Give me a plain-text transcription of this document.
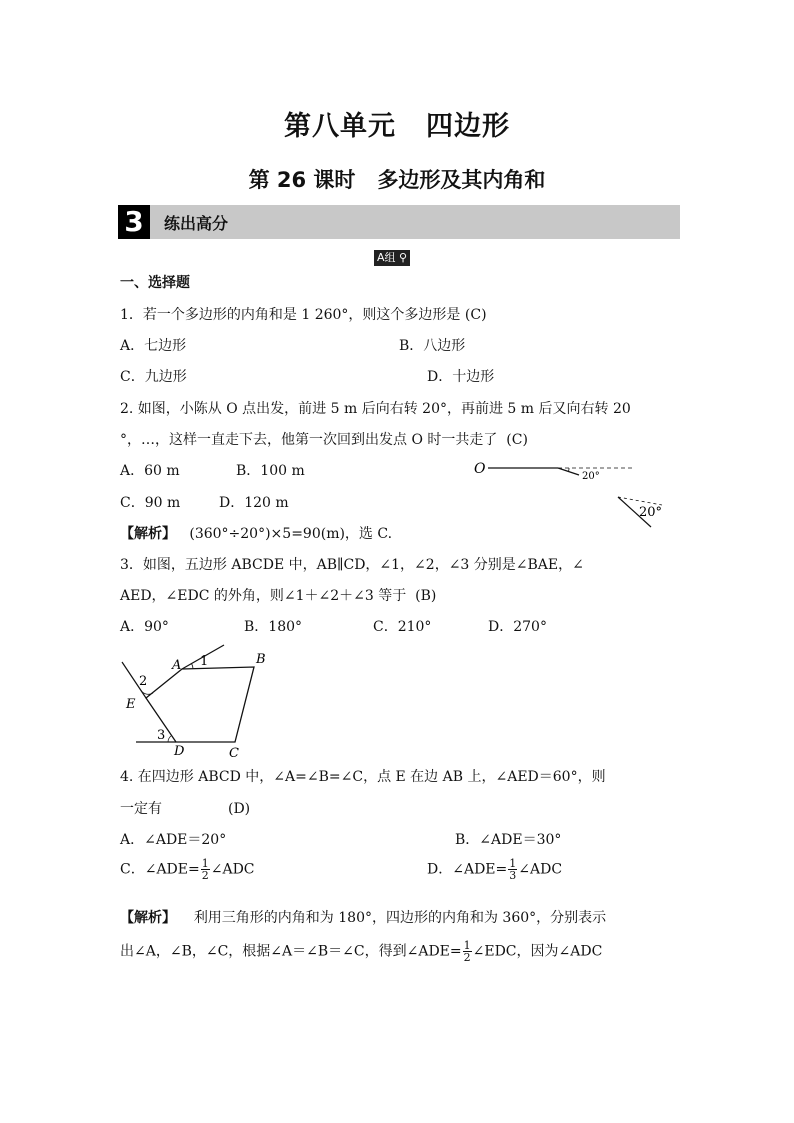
第八单元 四边形
第 26 课时 多边形及其内角和
3	练出高分
A组 ⚲
一、选择题
1．若一个多边形的内角和是 1 260°，则这个多边形是 (C)
A．七边形	B．八边形
C．九边形	D．十边形
2. 如图，小陈从 O 点出发，前进 5 m 后向右转 20°，再前进 5 m 后又向右转 20
°，…，这样一直走下去，他第一次回到出发点 O 时一共走了 (C)
A．60 m	B．100 m
C．90 m	D．120 m
【解析】 (360°÷20°)×5=90(m)，选 C.
O	20°
20°
3．如图，五边形 ABCDE 中，AB∥CD，∠1，∠2，∠3 分别是∠BAE，∠
AED，∠EDC 的外角，则∠1＋∠2＋∠3 等于 (B)
A．90°	B．180°	C．210°	D．270°
A	B
C
D
E
1
2
3
4. 在四边形 ABCD 中，∠A=∠B=∠C，点 E 在边 AB 上，∠AED＝60°，则
一定有	(D)
A．∠ADE＝20°	B．∠ADE＝30°
C．∠ADE= $\frac{1}{2}$ ∠ADC	D．∠ADE= $\frac{1}{3}$ ∠ADC
【解析】 利用三角形的内角和为 180°，四边形的内角和为 360°，分别表示
出∠A，∠B，∠C，根据∠A＝∠B＝∠C，得到∠ADE= $\frac{1}{2}$ ∠EDC，因为∠ADC
